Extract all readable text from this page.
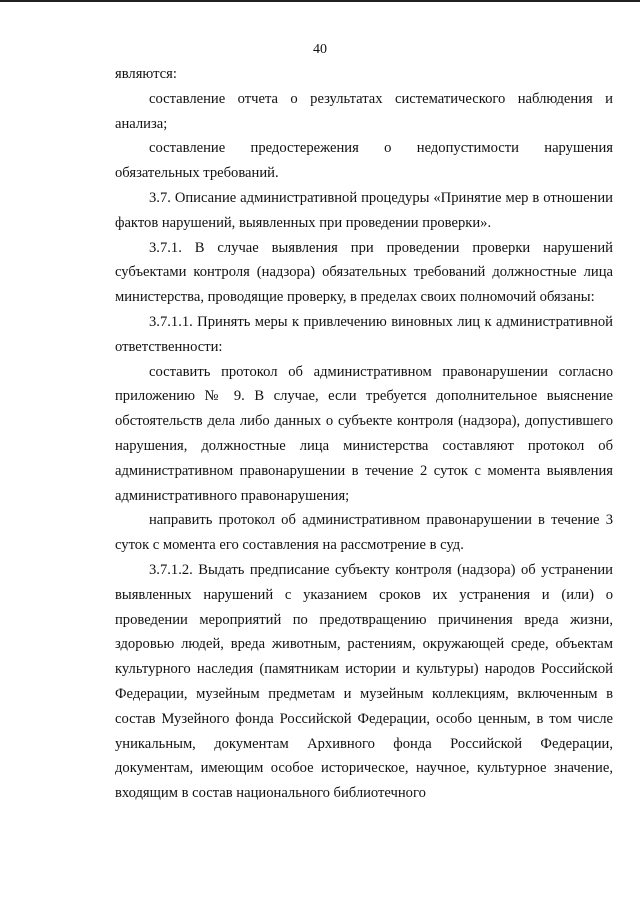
40

являются:

составление отчета о результатах систематического наблюдения и анализа;

составление предостережения о недопустимости нарушения обязательных требований.

3.7. Описание административной процедуры «Принятие мер в отношении фактов нарушений, выявленных при проведении проверки».

3.7.1. В случае выявления при проведении проверки нарушений субъектами контроля (надзора) обязательных требований должностные лица министерства, проводящие проверку, в пределах своих полномочий обязаны:

3.7.1.1. Принять меры к привлечению виновных лиц к административной ответственности:

составить протокол об административном правонарушении согласно приложению № 9. В случае, если требуется дополнительное выяснение обстоятельств дела либо данных о субъекте контроля (надзора), допустившего нарушения, должностные лица министерства составляют протокол об административном правонарушении в течение 2 суток с момента выявления административного правонарушения;

направить протокол об административном правонарушении в течение 3 суток с момента его составления на рассмотрение в суд.

3.7.1.2. Выдать предписание субъекту контроля (надзора) об устранении выявленных нарушений с указанием сроков их устранения и (или) о проведении мероприятий по предотвращению причинения вреда жизни, здоровью людей, вреда животным, растениям, окружающей среде, объектам культурного наследия (памятникам истории и культуры) народов Российской Федерации, музейным предметам и музейным коллекциям, включенным в состав Музейного фонда Российской Федерации, особо ценным, в том числе уникальным, документам Архивного фонда Российской Федерации, документам, имеющим особое историческое, научное, культурное значение, входящим в состав национального библиотечного
